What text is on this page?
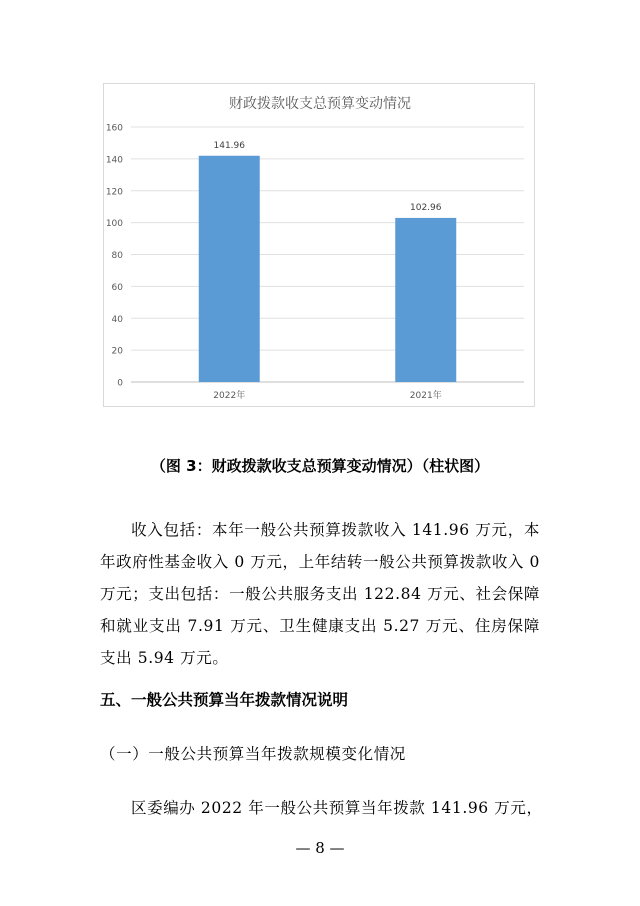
财政拨款收支总预算变动情况
0
20
40
60
80
100
120
140
160
141.96
2022年
102.96
2021年
（图 3：财政拨款收支总预算变动情况）（柱状图）
收入包括：本年一般公共预算拨款收入 141.96 万元，本年政府性基金收入 0 万元，上年结转一般公共预算拨款收入 0 万元；支出包括：一般公共服务支出 122.84 万元、社会保障和就业支出 7.91 万元、卫生健康支出 5.27 万元、住房保障支出 5.94 万元。
五、一般公共预算当年拨款情况说明
（一）一般公共预算当年拨款规模变化情况
区委编办 2022 年一般公共预算当年拨款 141.96 万元，
— 8 —
